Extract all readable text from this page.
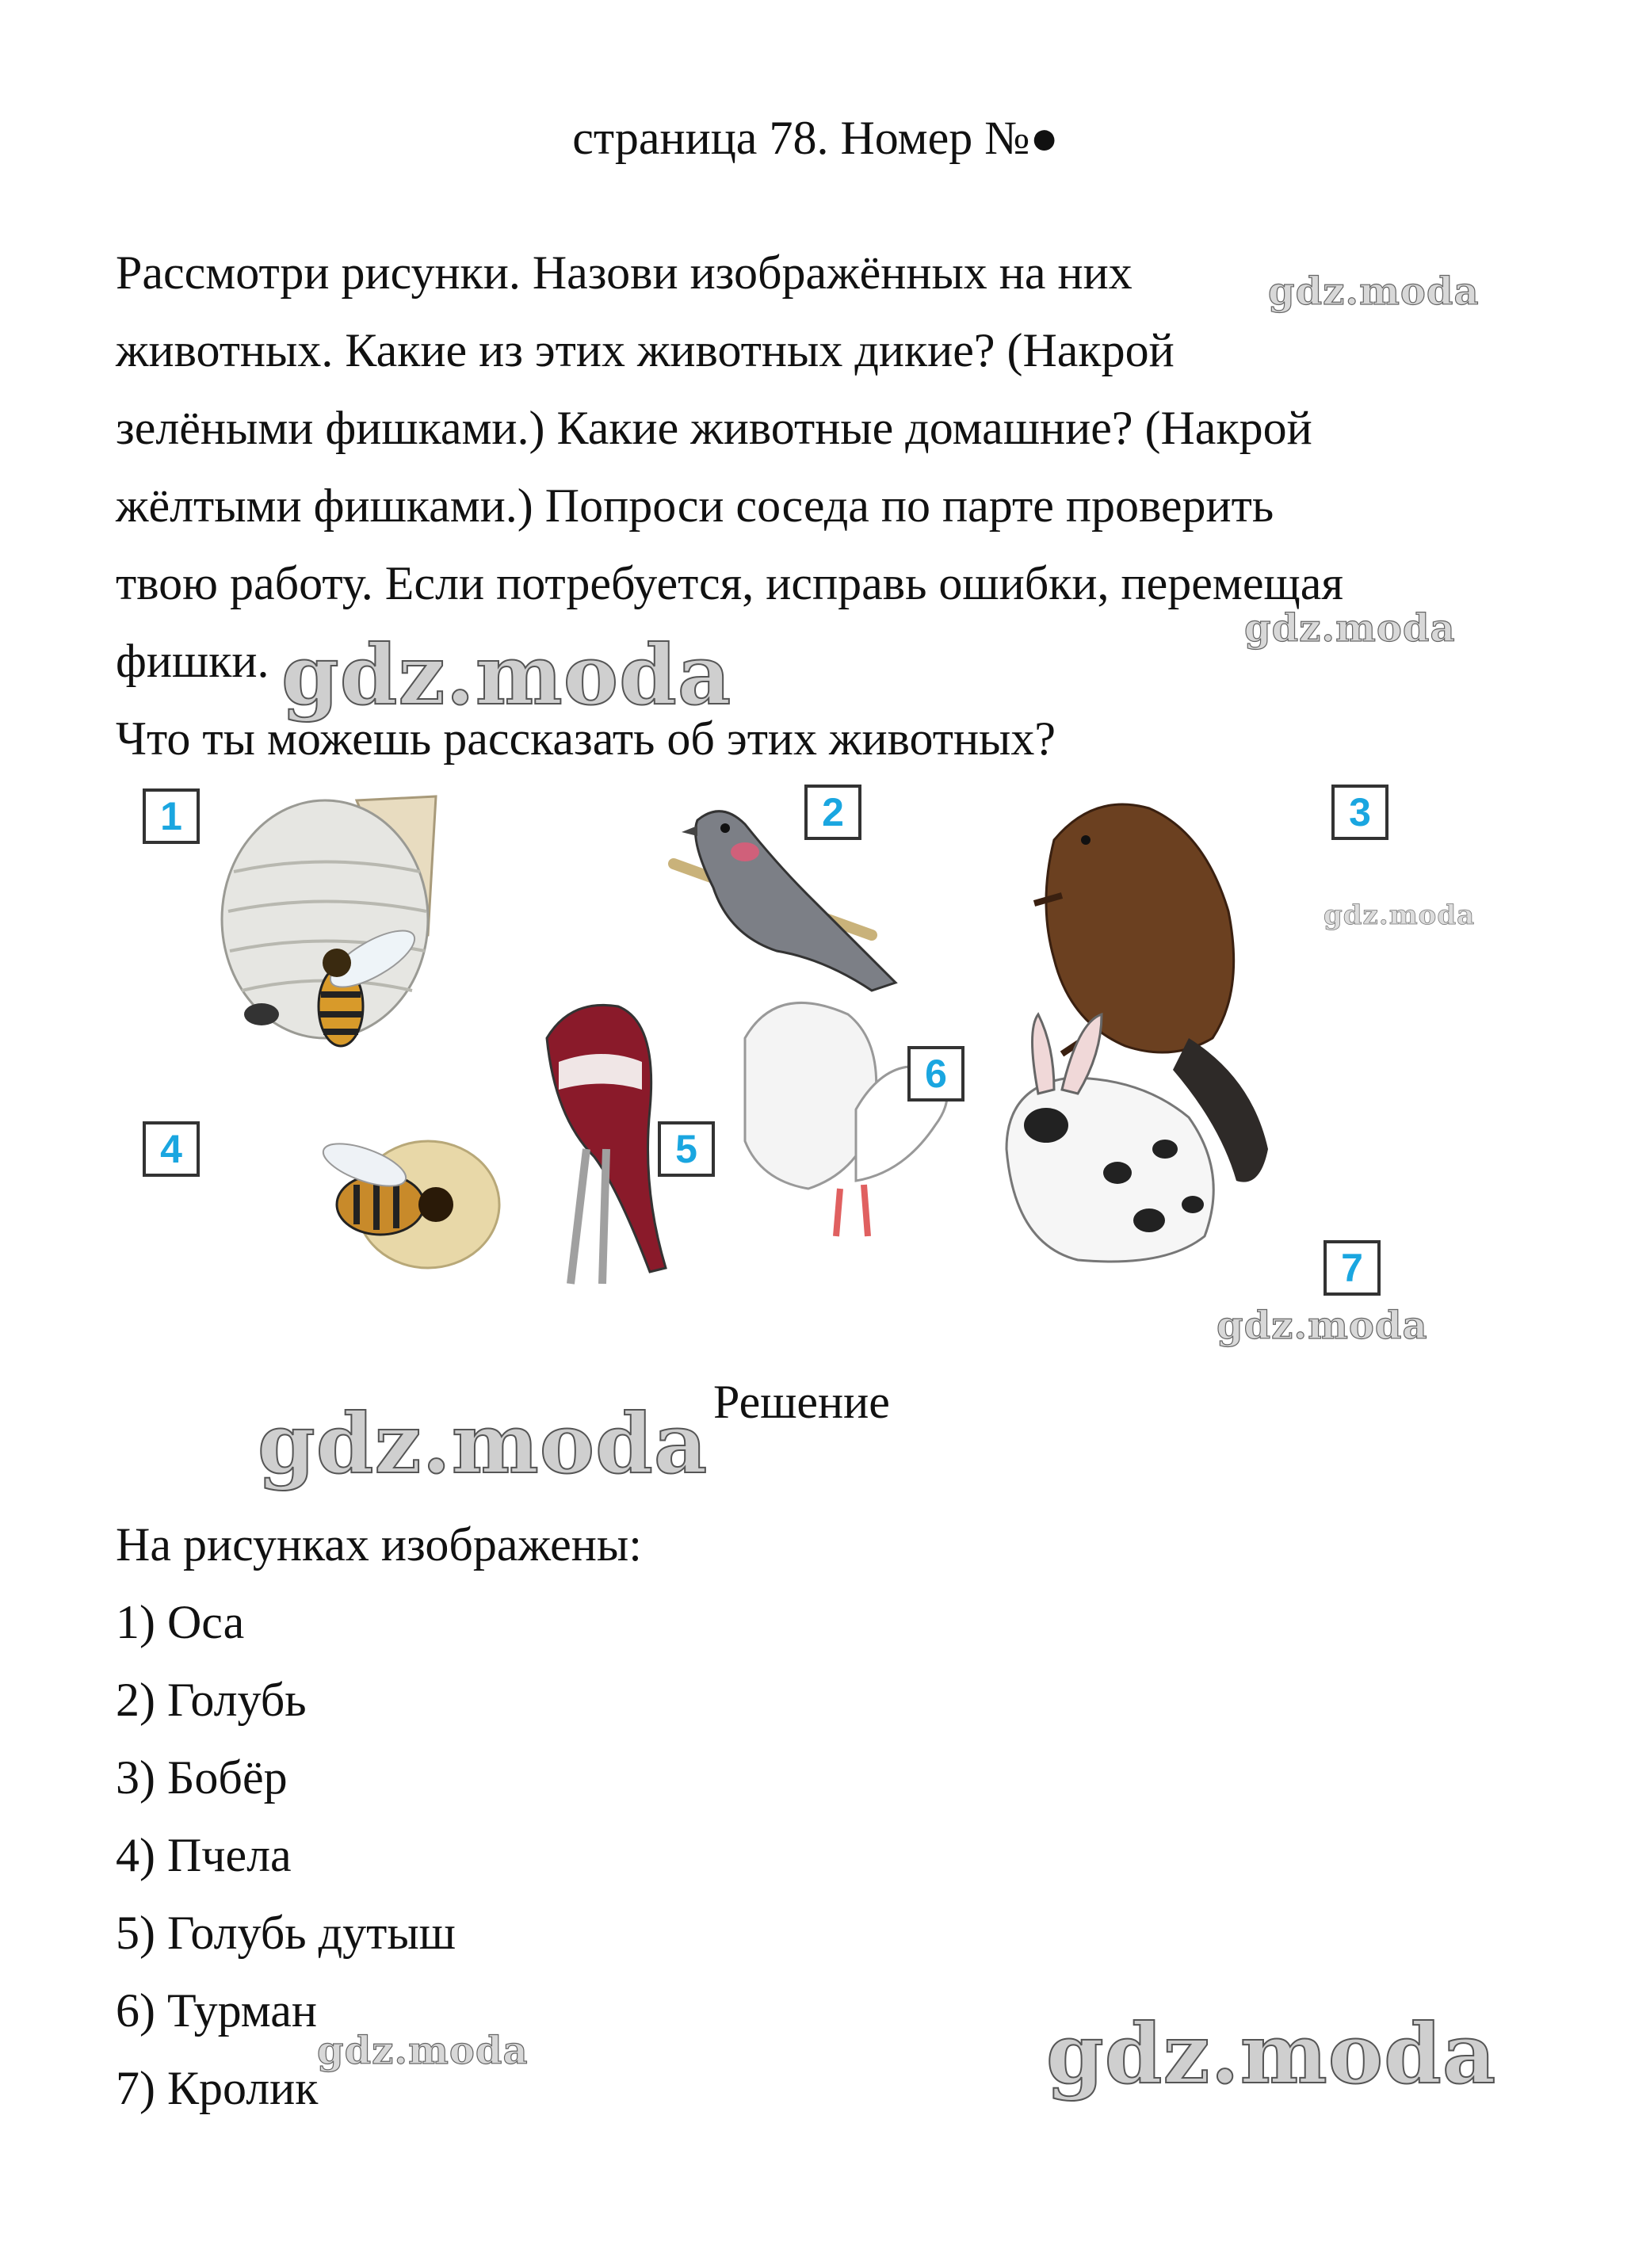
страница 78. Номер №●
Рассмотри рисунки. Назови изображённых на них
животных. Какие из этих животных дикие? (Накрой
зелёными фишками.) Какие животные домашние? (Накрой
жёлтыми фишками.) Попроси соседа по парте проверить
твою работу. Если потребуется, исправь ошибки, перемещая
фишки.
Что ты можешь рассказать об этих животных?
1	2	3
4	5
6
7
Решение
На рисунках изображены:
1) Оса
2) Голубь
3) Бобёр
4) Пчела
5) Голубь дутыш
6) Турман
7) Кролик
gdz.moda
gdz.moda
gdz.moda
gdz.moda
gdz.moda
gdz.moda
gdz.moda
gdz.moda
